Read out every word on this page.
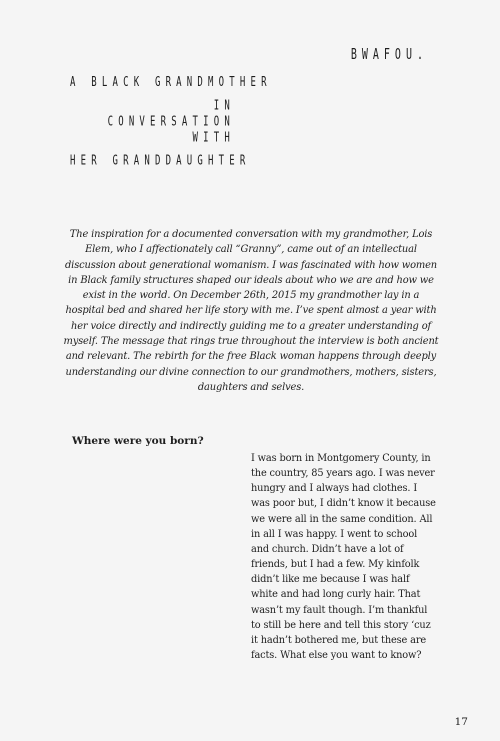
BWAFOU.
A BLACK GRANDMOTHER
IN
CONVERSATION
WITH
HER GRANDDAUGHTER
The inspiration for a documented conversation with my grandmother, Lois Elem, who I affectionately call “Granny”, came out of an intellectual discussion about generational womanism. I was fascinated with how women in Black family structures shaped our ideals about who we are and how we exist in the world. On December 26th, 2015 my grandmother lay in a hospital bed and shared her life story with me. I’ve spent almost a year with her voice directly and indirectly guiding me to a greater understanding of myself. The message that rings true throughout the interview is both ancient and relevant. The rebirth for the free Black woman happens through deeply understanding our divine connection to our grandmothers, mothers, sisters, daughters and selves.
Where were you born?
I was born in Montgomery County, in the country, 85 years ago. I was never hungry and I always had clothes. I was poor but, I didn’t know it because we were all in the same condition. All in all I was happy. I went to school and church. Didn’t have a lot of friends, but I had a few. My kinfolk didn’t like me because I was half white and had long curly hair. That wasn’t my fault though. I’m thankful to still be here and tell this story ‘cuz it hadn’t bothered me, but these are facts. What else you want to know?
17
